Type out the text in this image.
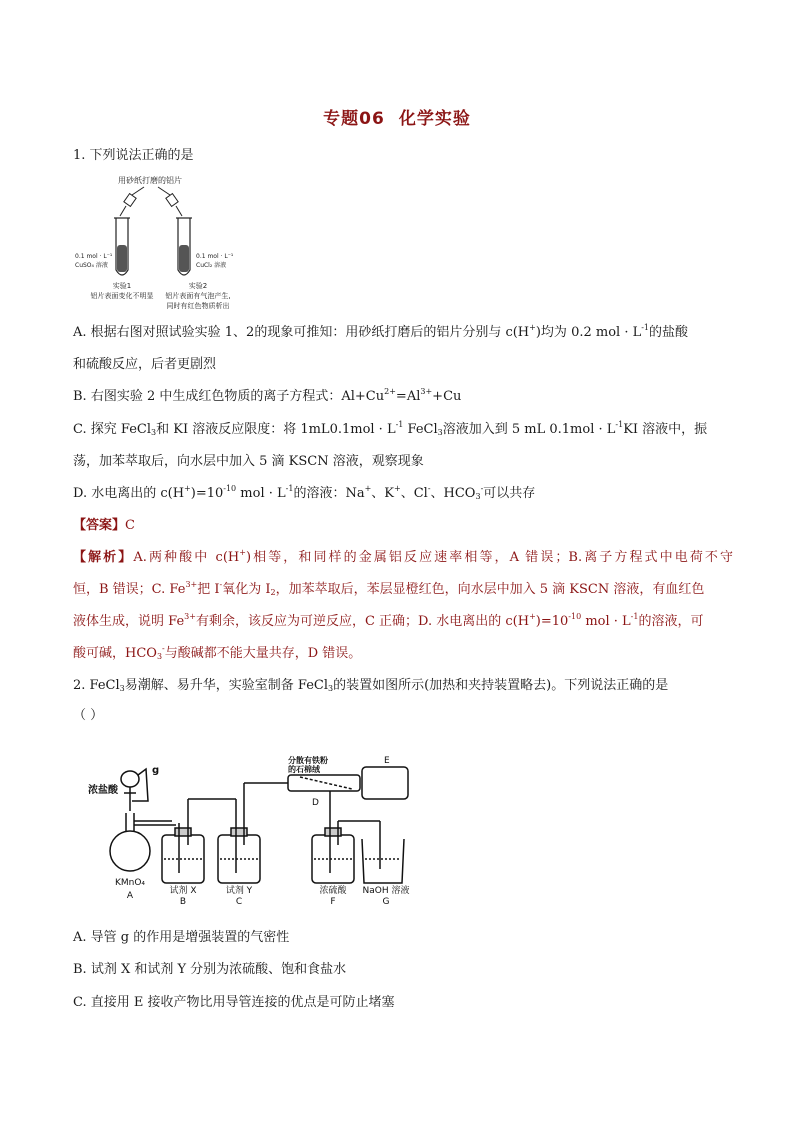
专题06 化学实验
1. 下列说法正确的是
用砂纸打磨的铝片
0.1 mol · L⁻¹
CuSO₄ 溶液
0.1 mol · L⁻¹
CuCl₂ 溶液
实验1
铝片表面变化不明显
实验2
铝片表面有气泡产生,
同时有红色物质析出
A. 根据右图对照试验实验 1、2的现象可推知：用砂纸打磨后的铝片分别与 c(H+)均为 0.2 mol · $L^{-1}$的盐酸
和硫酸反应，后者更剧烈
B. 右图实验 2 中生成红色物质的离子方程式：$Al+Cu^{2+}=Al^{3+}+Cu$
C. 探究 FeCl$_3$和 KI 溶液反应限度：将 $1mL0.1mol \cdot L^{-1}$ FeCl$_3$溶液加入到 5 mL $0.1mol \cdot L^{-1}KI$ 溶液中，振
荡，加苯萃取后，向水层中加入 5 滴 KSCN 溶液，观察现象
D. 水电离出的 $c(H^+)=10^{-10}$ mol · $L^{-1}$的溶液：Na+、K+、Cl-、$HCO_3^-$可以共存
【答案】C
【解析】A.两种酸中 c(H+)相等，和同样的金属铝反应速率相等，A 错误；B.离子方程式中电荷不守
恒，B 错误；C. $Fe^{3+}$把 I-氧化为 $I_2$，加苯萃取后，苯层显橙红色，向水层中加入 5 滴 KSCN 溶液，有血红色
液体生成，说明 $Fe^{3+}$有剩余，该反应为可逆反应，C 正确；D. 水电离出的 $c(H^+)=10^{-10}$ mol · $L^{-1}$的溶液，可
酸可碱，$HCO_3^-$与酸碱都不能大量共存，D 错误。
2. FeCl$_3$易潮解、易升华，实验室制备 FeCl$_3$的装置如图所示(加热和夹持装置略去)。下列说法正确的是
（ ）
浓盐酸
g
KMnO₄
A	试剂 X
B
试剂 Y
C
分散有铁粉
的石棉绒
D
E
浓硫酸
F
NaOH 溶液
G
A. 导管 g 的作用是增强装置的气密性
B. 试剂 X 和试剂 Y 分别为浓硫酸、饱和食盐水
C. 直接用 E 接收产物比用导管连接的优点是可防止堵塞
